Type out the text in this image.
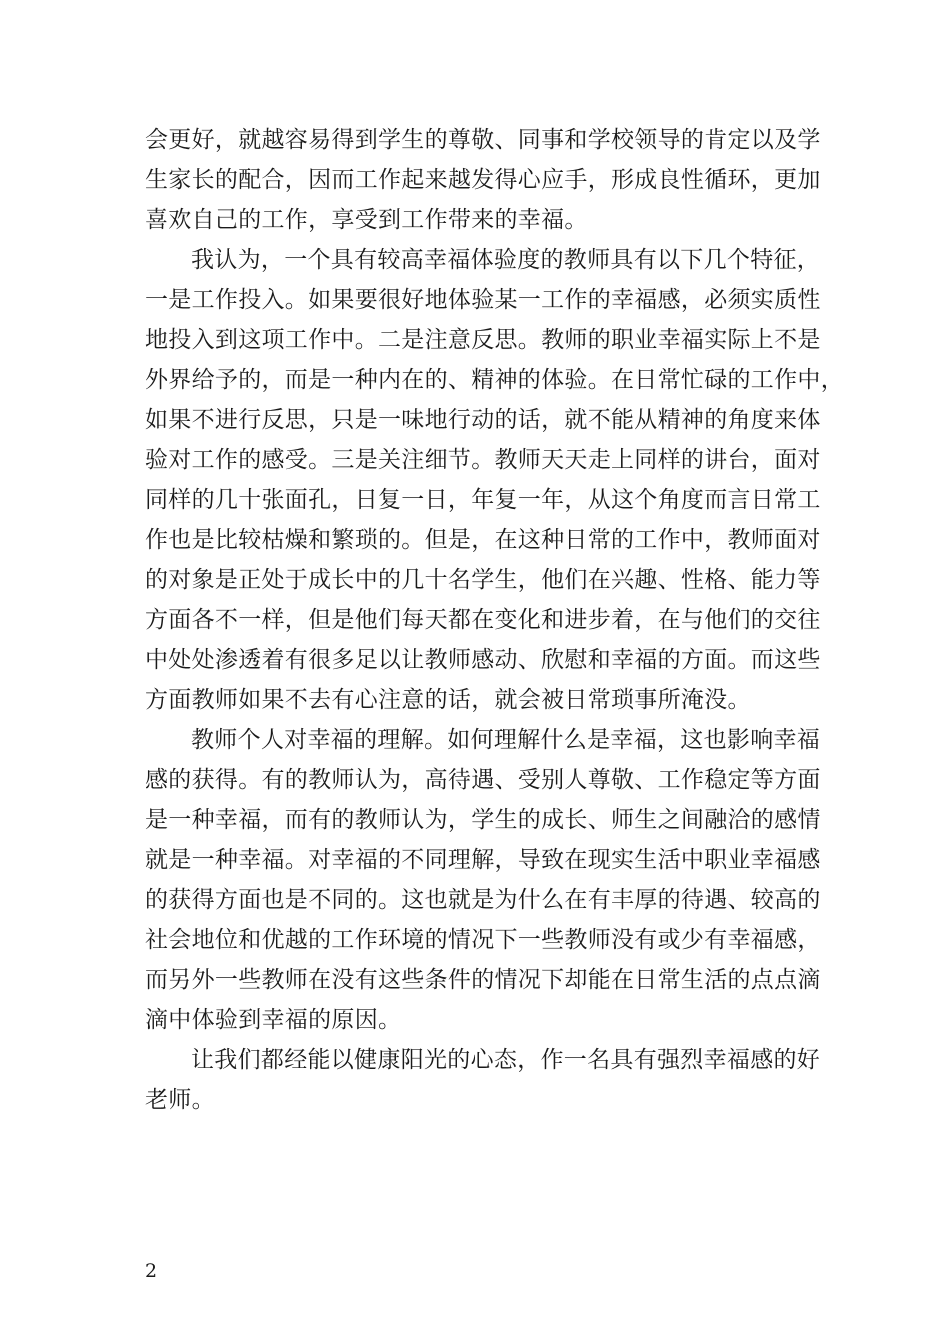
会更好，就越容易得到学生的尊敬、同事和学校领导的肯定以及学
生家长的配合，因而工作起来越发得心应手，形成良性循环，更加
喜欢自己的工作，享受到工作带来的幸福。
我认为，一个具有较高幸福体验度的教师具有以下几个特征，
一是工作投入。如果要很好地体验某一工作的幸福感，必须实质性
地投入到这项工作中。二是注意反思。教师的职业幸福实际上不是
外界给予的，而是一种内在的、精神的体验。在日常忙碌的工作中，
如果不进行反思，只是一味地行动的话，就不能从精神的角度来体
验对工作的感受。三是关注细节。教师天天走上同样的讲台，面对
同样的几十张面孔，日复一日，年复一年，从这个角度而言日常工
作也是比较枯燥和繁琐的。但是，在这种日常的工作中，教师面对
的对象是正处于成长中的几十名学生，他们在兴趣、性格、能力等
方面各不一样，但是他们每天都在变化和进步着，在与他们的交往
中处处渗透着有很多足以让教师感动、欣慰和幸福的方面。而这些
方面教师如果不去有心注意的话，就会被日常琐事所淹没。
教师个人对幸福的理解。如何理解什么是幸福，这也影响幸福
感的获得。有的教师认为，高待遇、受别人尊敬、工作稳定等方面
是一种幸福，而有的教师认为，学生的成长、师生之间融洽的感情
就是一种幸福。对幸福的不同理解，导致在现实生活中职业幸福感
的获得方面也是不同的。这也就是为什么在有丰厚的待遇、较高的
社会地位和优越的工作环境的情况下一些教师没有或少有幸福感，
而另外一些教师在没有这些条件的情况下却能在日常生活的点点滴
滴中体验到幸福的原因。
让我们都经能以健康阳光的心态，作一名具有强烈幸福感的好
老师。
2
